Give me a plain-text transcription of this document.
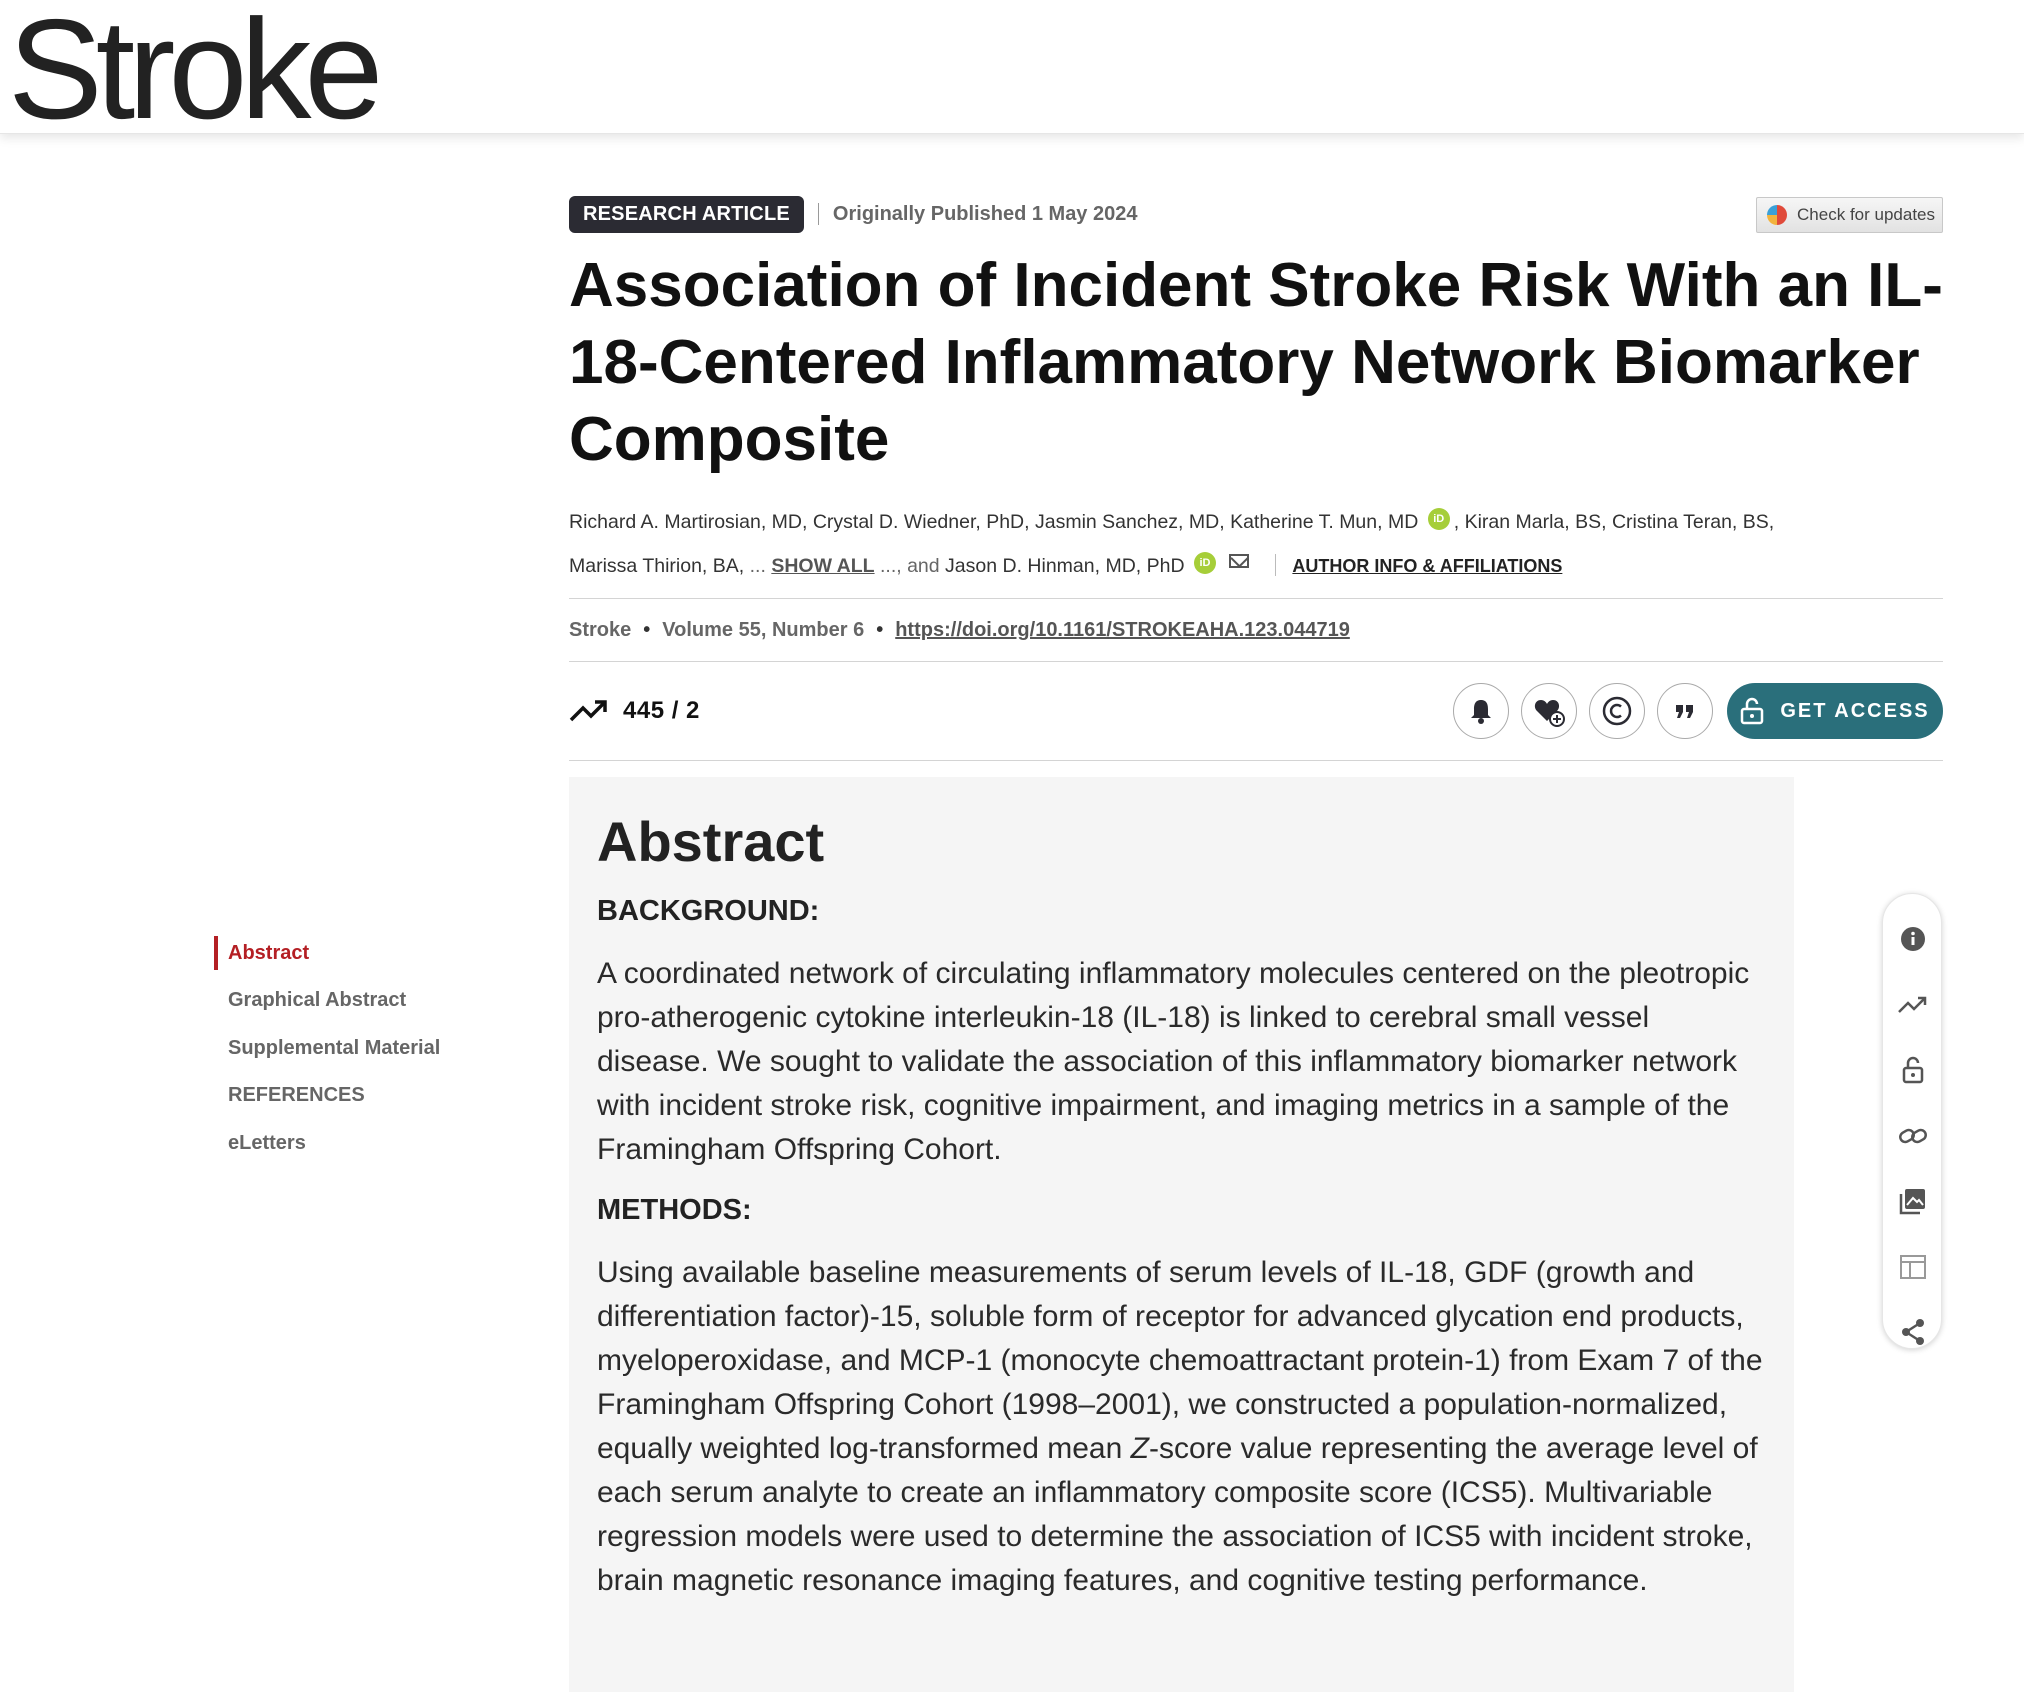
Stroke
RESEARCH ARTICLE	Originally Published 1 May 2024	Check for updates
Association of Incident Stroke Risk With an IL-18-Centered Inflammatory Network Biomarker Composite
Richard A. Martirosian, MD, Crystal D. Wiedner, PhD, Jasmin Sanchez, MD, Katherine T. Mun, MD iD , Kiran Marla, BS, Cristina Teran, BS,
Marissa Thirion, BA, ... SHOW ALL ..., and Jason D. Hinman, MD, PhD iD	AUTHOR INFO & AFFILIATIONS
Stroke • Volume 55 , Number 6 • https://doi.org/10.1161/STROKEAHA.123.044719
445 / 2	GET ACCESS
Abstract
BACKGROUND:

A coordinated network of circulating inflammatory molecules centered on the pleotropic pro-atherogenic cytokine interleukin-18 (IL-18) is linked to cerebral small vessel disease. We sought to validate the association of this inflammatory biomarker network with incident stroke risk, cognitive impairment, and imaging metrics in a sample of the Framingham Offspring Cohort.

METHODS:

Using available baseline measurements of serum levels of IL-18, GDF (growth and differentiation factor)-15, soluble form of receptor for advanced glycation end products, myeloperoxidase, and MCP-1 (monocyte chemoattractant protein-1) from Exam 7 of the Framingham Offspring Cohort (1998–2001), we constructed a population-normalized, equally weighted log-transformed mean Z-score value representing the average level of each serum analyte to create an inflammatory composite score (ICS5). Multivariable regression models were used to determine the association of ICS5 with incident stroke, brain magnetic resonance imaging features, and cognitive testing performance.

Abstract
Graphical Abstract
Supplemental Material
REFERENCES
eLetters
